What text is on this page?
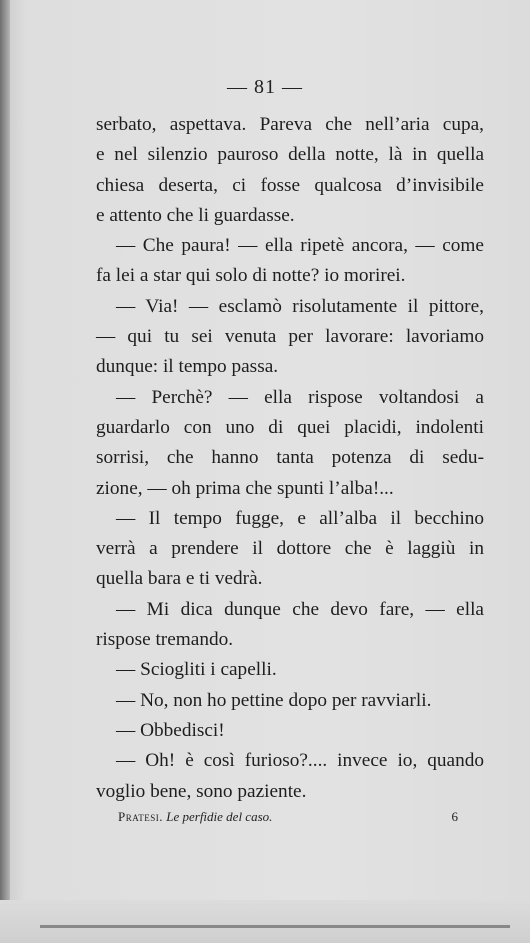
— 81 —
serbato, aspettava. Pareva che nell’aria cupa,
e nel silenzio pauroso della notte, là in quella
chiesa deserta, ci fosse qualcosa d’invisibile
e attento che li guardasse.
— Che paura! — ella ripetè ancora, — come
fa lei a star qui solo di notte? io morirei.
— Via! — esclamò risolutamente il pittore,
— qui tu sei venuta per lavorare: lavoriamo
dunque: il tempo passa.
— Perchè? — ella rispose voltandosi a
guardarlo con uno di quei placidi, indolenti
sorrisi, che hanno tanta potenza di sedu-
zione, — oh prima che spunti l’alba!...
— Il tempo fugge, e all’alba il becchino
verrà a prendere il dottore che è laggiù in
quella bara e ti vedrà.
— Mi dica dunque che devo fare, — ella
rispose tremando.
— Sciogliti i capelli.
— No, non ho pettine dopo per ravviarli.
— Obbedisci!
— Oh! è così furioso?.... invece io, quando
voglio bene, sono paziente.
Pratesi. Le perfidie del caso.	6
